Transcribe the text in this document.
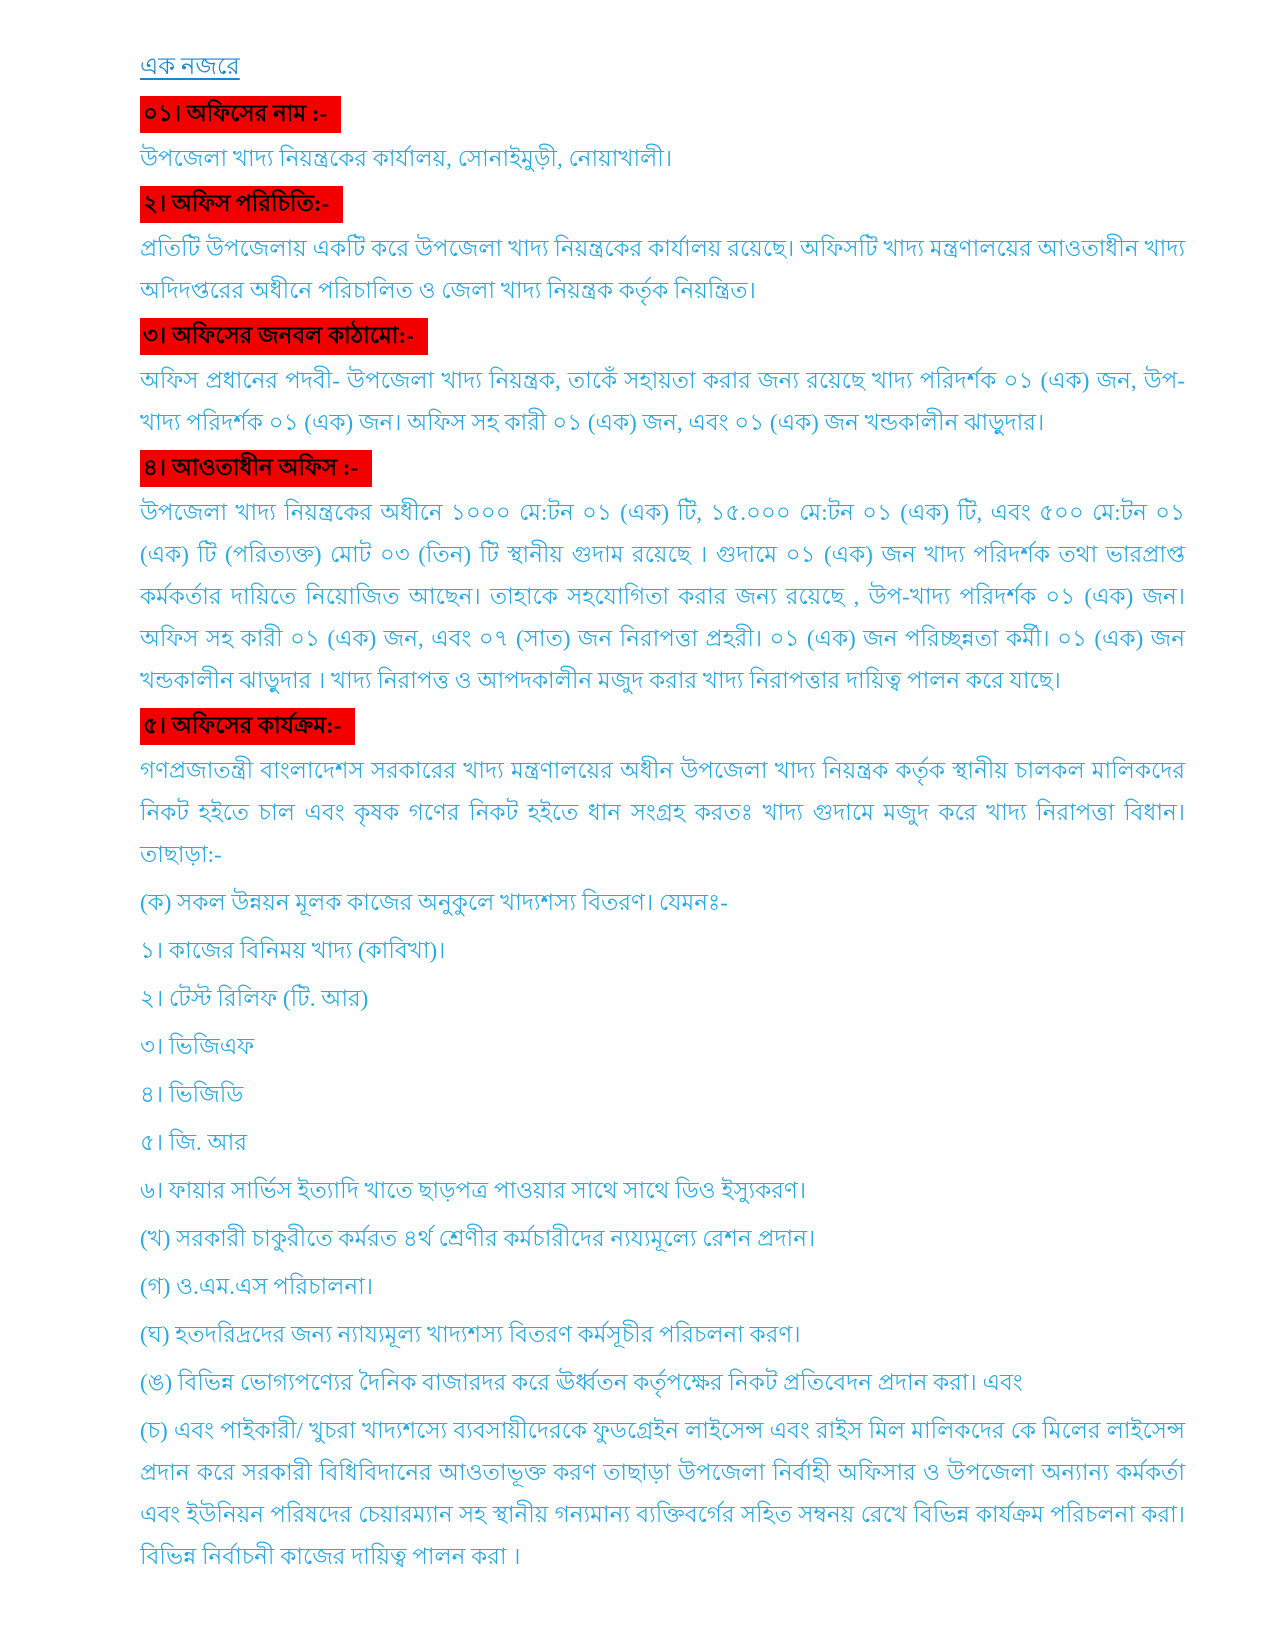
এক নজরে
০১। অফিসের নাম :-

উপজেলা খাদ্য নিয়ন্ত্রকের কার্যালয়, সোনাইমুড়ী, নোয়াখালী।

২। অফিস পরিচিতি:-

প্রতিটি উপজেলায় একটি করে উপজেলা খাদ্য নিয়ন্ত্রকের কার্যালয় রয়েছে। অফিসটি খাদ্য মন্ত্রণালয়ের আওতাধীন খাদ্য অদিদপ্তরের অধীনে পরিচালিত ও জেলা খাদ্য নিয়ন্ত্রক কর্তৃক নিয়ন্ত্রিত।

৩। অফিসের জনবল কাঠামো:-

অফিস প্রধানের পদবী- উপজেলা খাদ্য নিয়ন্ত্রক, তাকেঁ সহায়তা করার জন্য রয়েছে খাদ্য পরিদর্শক ০১ (এক) জন, উপ-খাদ্য পরিদর্শক ০১ (এক) জন। অফিস সহ কারী ০১ (এক) জন, এবং ০১ (এক) জন খন্ডকালীন ঝাড়ুদার।

৪। আওতাধীন অফিস :-

উপজেলা খাদ্য নিয়ন্ত্রকের অধীনে ১০০০ মে:টন ০১ (এক) টি, ১৫.০০০ মে:টন ০১ (এক) টি, এবং ৫০০ মে:টন ০১ (এক) টি (পরিত্যক্ত) মোট ০৩ (তিন) টি স্থানীয় গুদাম রয়েছে । গুদামে ০১ (এক) জন খাদ্য পরিদর্শক তথা ভারপ্রাপ্ত কর্মকর্তার দায়িতে নিয়োজিত আছেন। তাহাকে সহযোগিতা করার জন্য রয়েছে , উপ-খাদ্য পরিদর্শক ০১ (এক) জন। অফিস সহ কারী ০১ (এক) জন, এবং ০৭ (সাত) জন নিরাপত্তা প্রহরী। ০১ (এক) জন পরিচ্ছন্নতা কর্মী। ০১ (এক) জন খন্ডকালীন ঝাড়ুদার । খাদ্য নিরাপত্ত ও আপদকালীন মজুদ করার খাদ্য নিরাপত্তার দায়িত্ব পালন করে যাছে।

৫। অফিসের কার্যক্রম:-

গণপ্রজাতন্ত্রী বাংলাদেশস সরকারের খাদ্য মন্ত্রণালয়ের অধীন উপজেলা খাদ্য নিয়ন্ত্রক কর্তৃক স্থানীয় চালকল মালিকদের নিকট হইতে চাল এবং কৃষক গণের নিকট হইতে ধান সংগ্রহ করতঃ খাদ্য গুদামে মজুদ করে খাদ্য নিরাপত্তা বিধান। তাছাড়া:-

(ক) সকল উন্নয়ন মূলক কাজের অনুকুলে খাদ্যশস্য বিতরণ। যেমনঃ-

১। কাজের বিনিময় খাদ্য (কাবিখা)।

২। টেস্ট রিলিফ (টি. আর)

৩। ভিজিএফ

৪। ভিজিডি

৫। জি. আর

৬। ফায়ার সার্ভিস ইত্যাদি খাতে ছাড়পত্র পাওয়ার সাথে সাথে ডিও ইস্যুকরণ।

(খ) সরকারী চাকুরীতে কর্মরত ৪র্থ শ্রেণীর কর্মচারীদের ন্যয্যমূল্যে রেশন প্রদান।

(গ) ও.এম.এস পরিচালনা।

(ঘ) হতদরিদ্রদের জন্য ন্যায্যমূল্য খাদ্যশস্য বিতরণ কর্মসূচীর পরিচলনা করণ।

(ঙ) বিভিন্ন ভোগ্যপণ্যের দৈনিক বাজারদর করে ঊর্ধ্বতন কর্তৃপক্ষের নিকট প্রতিবেদন প্রদান করা। এবং

(চ) এবং পাইকারী/ খুচরা খাদ্যশস্যে ব্যবসায়ীদেরকে ফুডগ্রেইন লাইসেন্স এবং রাইস মিল মালিকদের কে মিলের লাইসেন্স প্রদান করে সরকারী বিধিবিদানের আওতাভূক্ত করণ তাছাড়া উপজেলা নির্বাহী অফিসার ও উপজেলা অন্যান্য কর্মকর্তা এবং ইউনিয়ন পরিষদের চেয়ারম্যান সহ স্থানীয় গন্যমান্য ব্যক্তিবর্গের সহিত সম্বনয় রেখে বিভিন্ন কার্যক্রম পরিচলনা করা। বিভিন্ন নির্বাচনী কাজের দায়িত্ব পালন করা ।
